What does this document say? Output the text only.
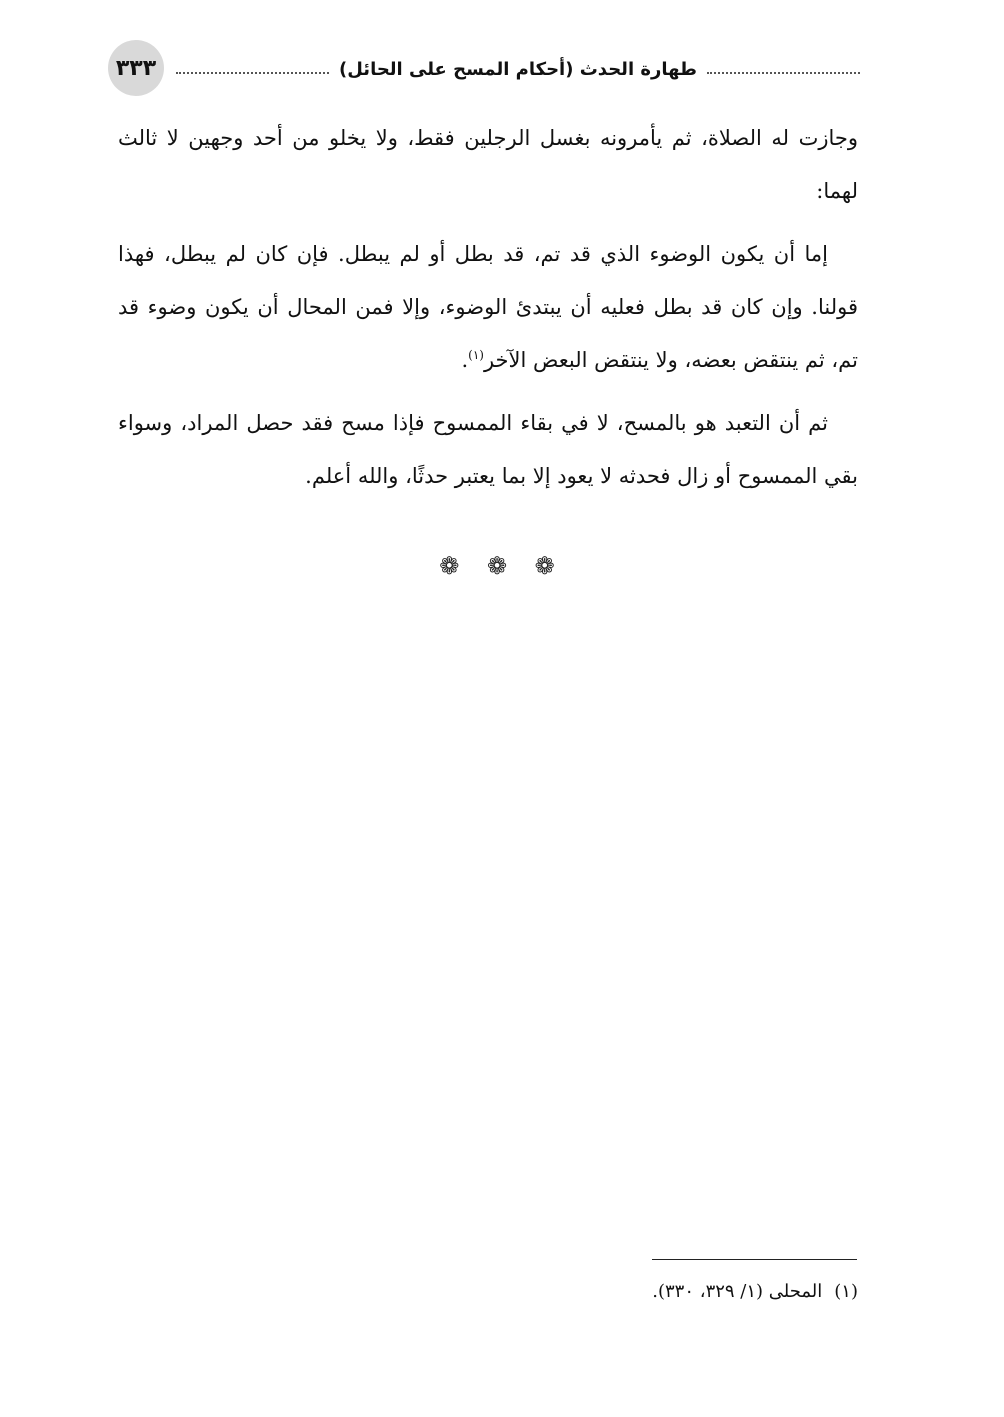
٣٣٣	طهارة الحدث (أحكام المسح على الحائل)

وجازت له الصلاة، ثم يأمرونه بغسل الرجلين فقط، ولا يخلو من أحد وجهين لا ثالث لهما:

إما أن يكون الوضوء الذي قد تم، قد بطل أو لم يبطل. فإن كان لم يبطل، فهذا قولنا. وإن كان قد بطل فعليه أن يبتدئ الوضوء، وإلا فمن المحال أن يكون وضوء قد تم، ثم ينتقض بعضه، ولا ينتقض البعض الآخر$^{(١)}$.

ثم أن التعبد هو بالمسح، لا في بقاء الممسوح فإذا مسح فقد حصل المراد، وسواء بقي الممسوح أو زال فحدثه لا يعود إلا بما يعتبر حدثًا، والله أعلم.

❁ ❁ ❁
(١)المحلى (١/ ٣٢٩، ٣٣٠).
